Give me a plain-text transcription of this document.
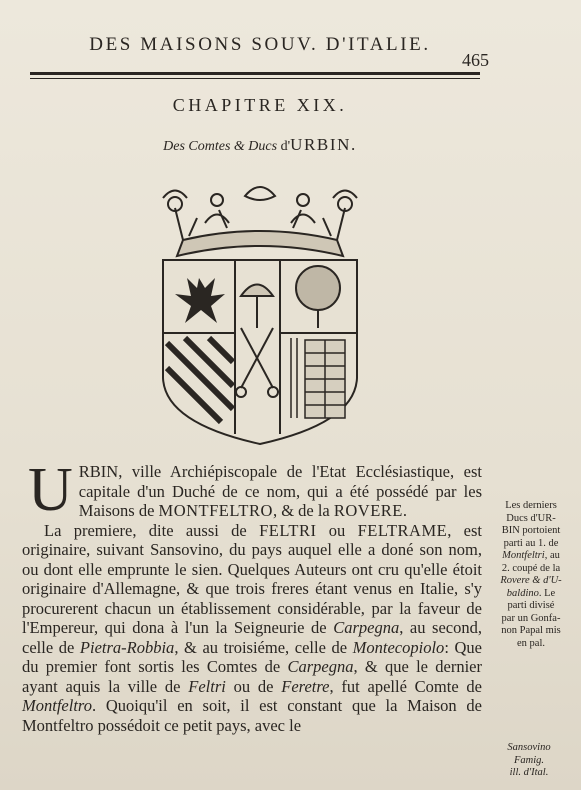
DES MAISONS SOUV. D'ITALIE.
465
CHAPITRE XIX.
Des Comtes & Ducs d'URBIN.

URBIN, ville Archiépiscopale de l'Etat Ecclésiastique, est capitale d'un Duché de ce nom, qui a été possédé par les Maisons de MONTFELTRO, & de la ROVERE.

La premiere, dite aussi de FELTRI ou FELTRAME, est originaire, suivant Sansovino, du pays auquel elle a doné son nom, ou dont elle emprunte le sien. Quelques Auteurs ont cru qu'elle étoit originaire d'Allemagne, & que trois freres étant venus en Italie, s'y procurerent chacun un établissement considérable, par la faveur de l'Empereur, qui dona à l'un la Seigneurie de Carpegna, au second, celle de Pietra-Robbia, & au troisiéme, celle de Montecopiolo: Que du premier font sortis les Comtes de Carpegna, & que le dernier ayant aquis la ville de Feltri ou de Feretre, fut apellé Comte de Montfeltro. Quoiqu'il en soit, il est constant que la Maison de Montfeltro possédoit ce petit pays, avec le

Les derniers
Ducs d'UR-
BIN portoient
parti au 1. de
Montfeltri, au
2. coupé de la
Rovere & d'U-
baldino. Le
parti divisé
par un Gonfa-
non Papal mis
en pal.
Sansovino
Famig.
ill. d'Ital.
